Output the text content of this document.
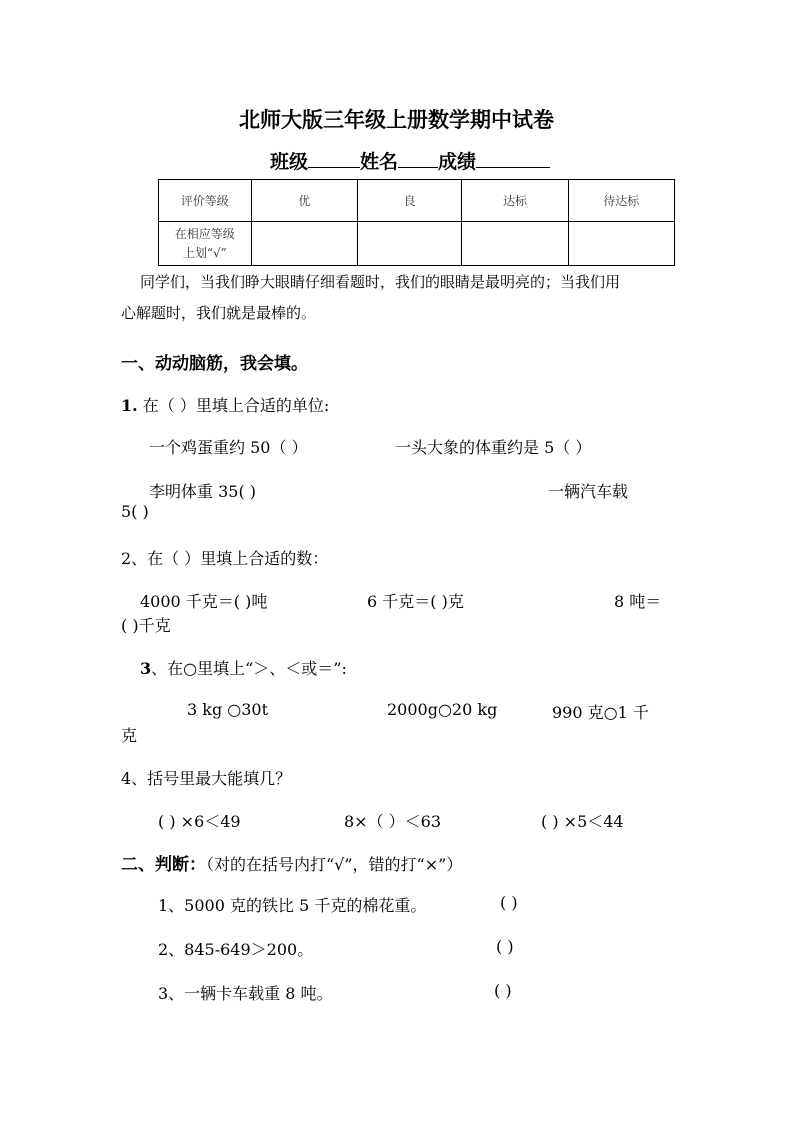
北师大版三年级上册数学期中试卷
班级	姓名 成绩
评价等级	优	良	达标	待达标
在相应等级
上划“√”				
同学们，当我们睁大眼睛仔细看题时，我们的眼睛是最明亮的；当我们用
心解题时，我们就是最棒的。
一、动动脑筋，我会填。
1. 在（ ）里填上合适的单位:
一个鸡蛋重约 50（ ）	一头大象的体重约是 5（ ）
李明体重 35( )	一辆汽车载
5( )
2、在（ ）里填上合适的数：
4000 千克＝( )吨	6 千克＝( )克	8 吨＝
( )千克
3、在○里填上“＞、＜或＝”:
3 kg ○30t	2000g○20 kg	990 克○1 千
克
4、括号里最大能填几？
( ) ×6＜49	8×（ ）＜63	( ) ×5＜44
二、判断：（对的在括号内打“√”，错的打“×”）
1、5000 克的铁比 5 千克的棉花重。	( )
2、845-649＞200。	( )
3、一辆卡车载重 8 吨。	( )
